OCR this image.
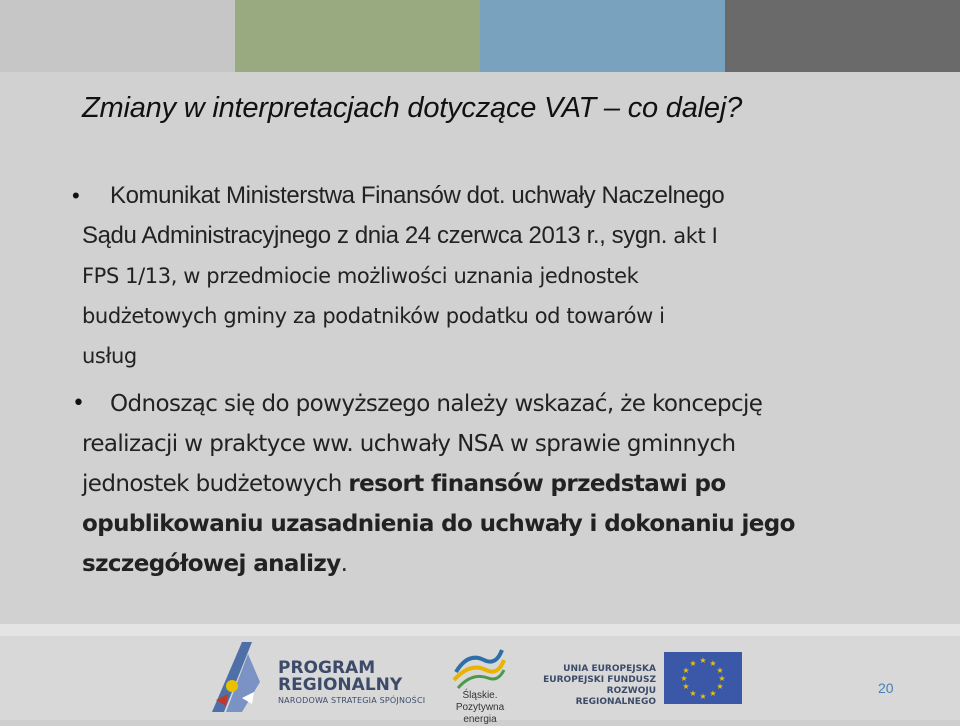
Zmiany w interpretacjach dotyczące VAT – co dalej?
Komunikat Ministerstwa Finansów dot. uchwały Naczelnego
Sądu Administracyjnego z dnia 24 czerwca 2013 r., sygn. akt I
FPS 1/13, w przedmiocie możliwości uznania jednostek
budżetowych gminy za podatników podatku od towarów i
usług
Odnosząc się do powyższego należy wskazać, że koncepcję
realizacji w praktyce ww. uchwały NSA w sprawie gminnych
jednostek budżetowych resort finansów przedstawi po
opublikowaniu uzasadnienia do uchwały i dokonaniu jego
szczegółowej analizy.
PROGRAM
REGIONALNY
NARODOWA STRATEGIA SPÓJNOŚCI	Śląskie.
Pozytywna energia
UNIA EUROPEJSKA
EUROPEJSKI FUNDUSZ
ROZWOJU REGIONALNEGO
★ ★
★
★
★
★
★
★
★
★
★
★
20
